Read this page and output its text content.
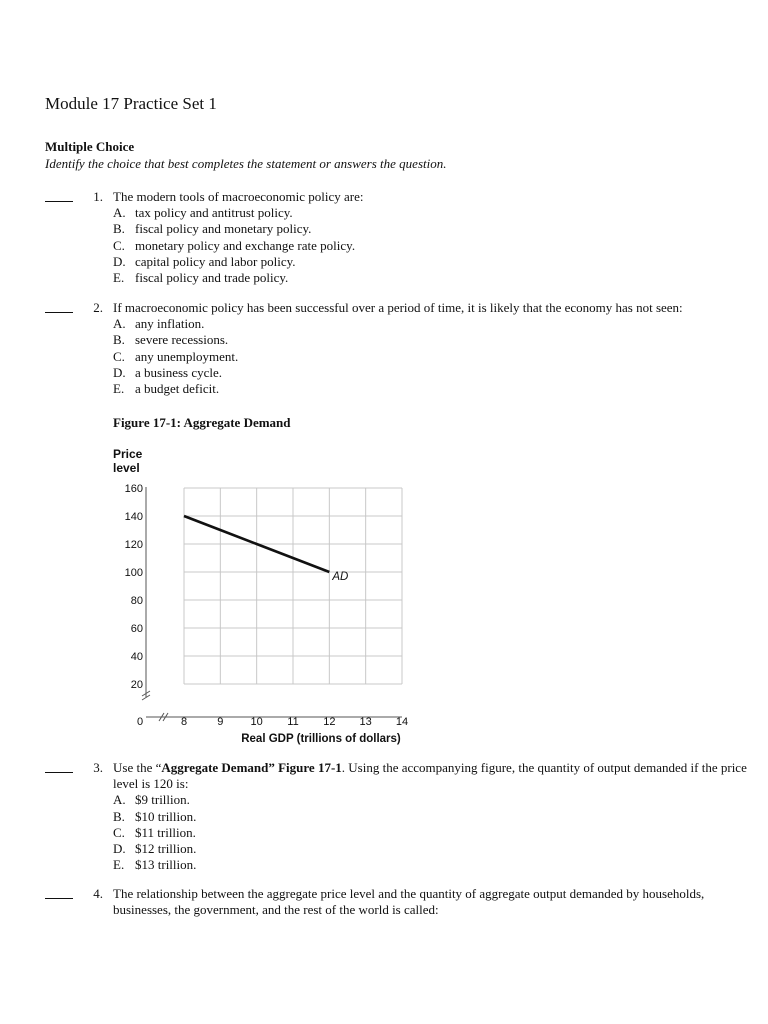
Module 17 Practice Set 1
Multiple Choice
Identify the choice that best completes the statement or answers the question.
1. The modern tools of macroeconomic policy are:
A. tax policy and antitrust policy.
B. fiscal policy and monetary policy.
C. monetary policy and exchange rate policy.
D. capital policy and labor policy.
E. fiscal policy and trade policy.
2. If macroeconomic policy has been successful over a period of time, it is likely that the economy has not seen:
A. any inflation.
B. severe recessions.
C. any unemployment.
D. a business cycle.
E. a budget deficit.
Figure 17-1: Aggregate Demand
20
40
60
80
100
120
140
160
8	9 10 11 12 13 14
0
Price
level
Real GDP (trillions of dollars)
AD
3. Use the “Aggregate Demand” Figure 17-1. Using the accompanying figure, the quantity of output demanded if the price level is 120 is:
A. $9 trillion.
B. $10 trillion.
C. $11 trillion.
D. $12 trillion.
E. $13 trillion.
4. The relationship between the aggregate price level and the quantity of aggregate output demanded by households, businesses, the government, and the rest of the world is called:
